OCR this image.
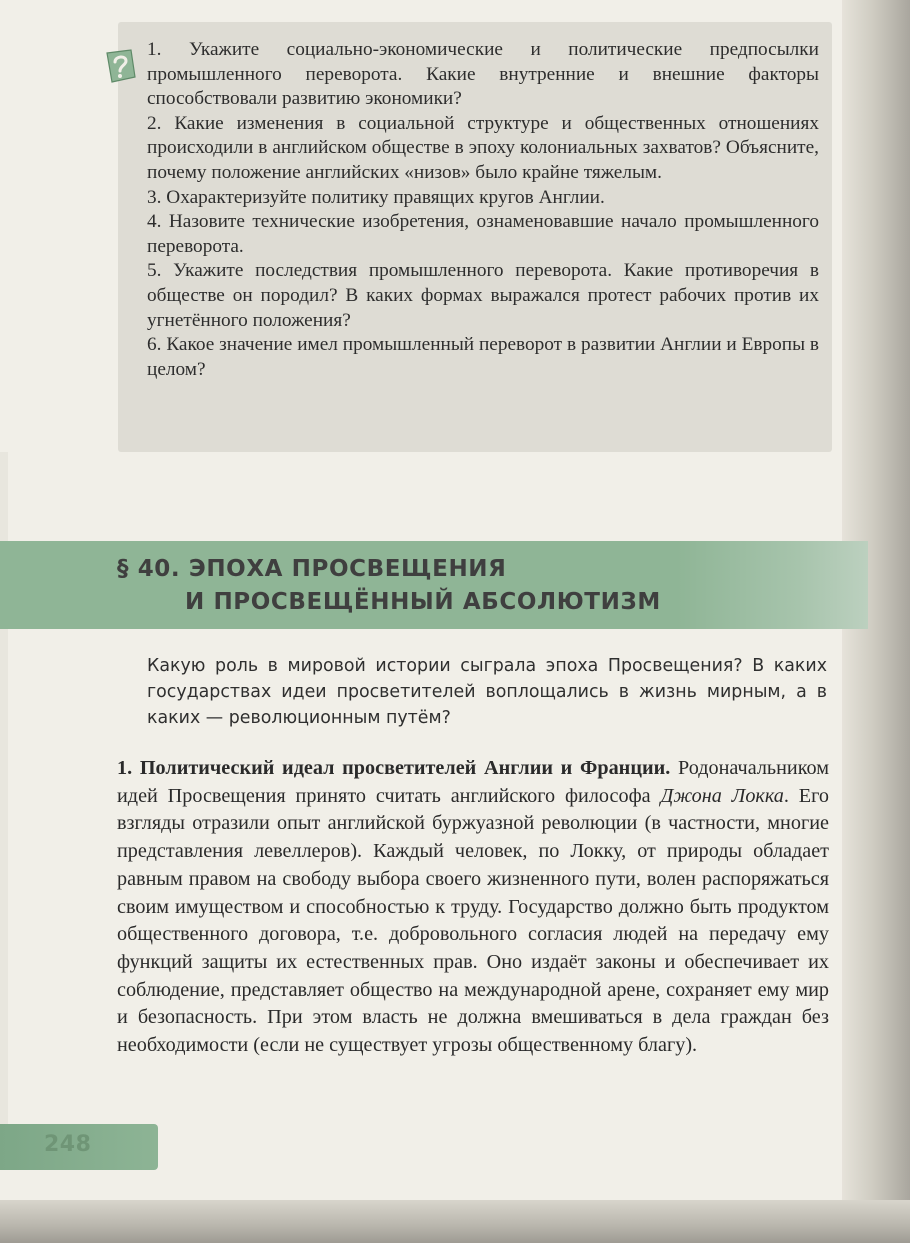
1. Укажите социально-экономические и политические предпосылки промышленного переворота. Какие внутренние и внешние факторы способствовали развитию экономики?

2. Какие изменения в социальной структуре и общественных отношениях происходили в английском обществе в эпоху колониальных захватов? Объясните, почему положение английских «низов» было крайне тяжелым.

3. Охарактеризуйте политику правящих кругов Англии.

4. Назовите технические изобретения, ознаменовавшие начало промышленного переворота.

5. Укажите последствия промышленного переворота. Какие противоречия в обществе он породил? В каких формах выражался протест рабочих против их угнетённого положения?

6. Какое значение имел промышленный переворот в развитии Англии и Европы в целом?

§ 40. ЭПОХА ПРОСВЕЩЕНИЯ
И ПРОСВЕЩЁННЫЙ АБСОЛЮТИЗМ
Какую роль в мировой истории сыграла эпоха Просвещения? В каких государствах идеи просветителей воплощались в жизнь мирным, а в каких — революционным путём?
1. Политический идеал просветителей Англии и Франции. Родоначальником идей Просвещения принято считать английского философа Джона Локка. Его взгляды отразили опыт английской буржуазной революции (в частности, многие представления левеллеров). Каждый человек, по Локку, от природы обладает равным правом на свободу выбора своего жизненного пути, волен распоряжаться своим имуществом и способностью к труду. Государство должно быть продуктом общественного договора, т.е. добровольного согласия людей на передачу ему функций защиты их естественных прав. Оно издаёт законы и обеспечивает их соблюдение, представляет общество на международной арене, сохраняет ему мир и безопасность. При этом власть не должна вмешиваться в дела граждан без необходимости (если не существует угрозы общественному благу).
248
